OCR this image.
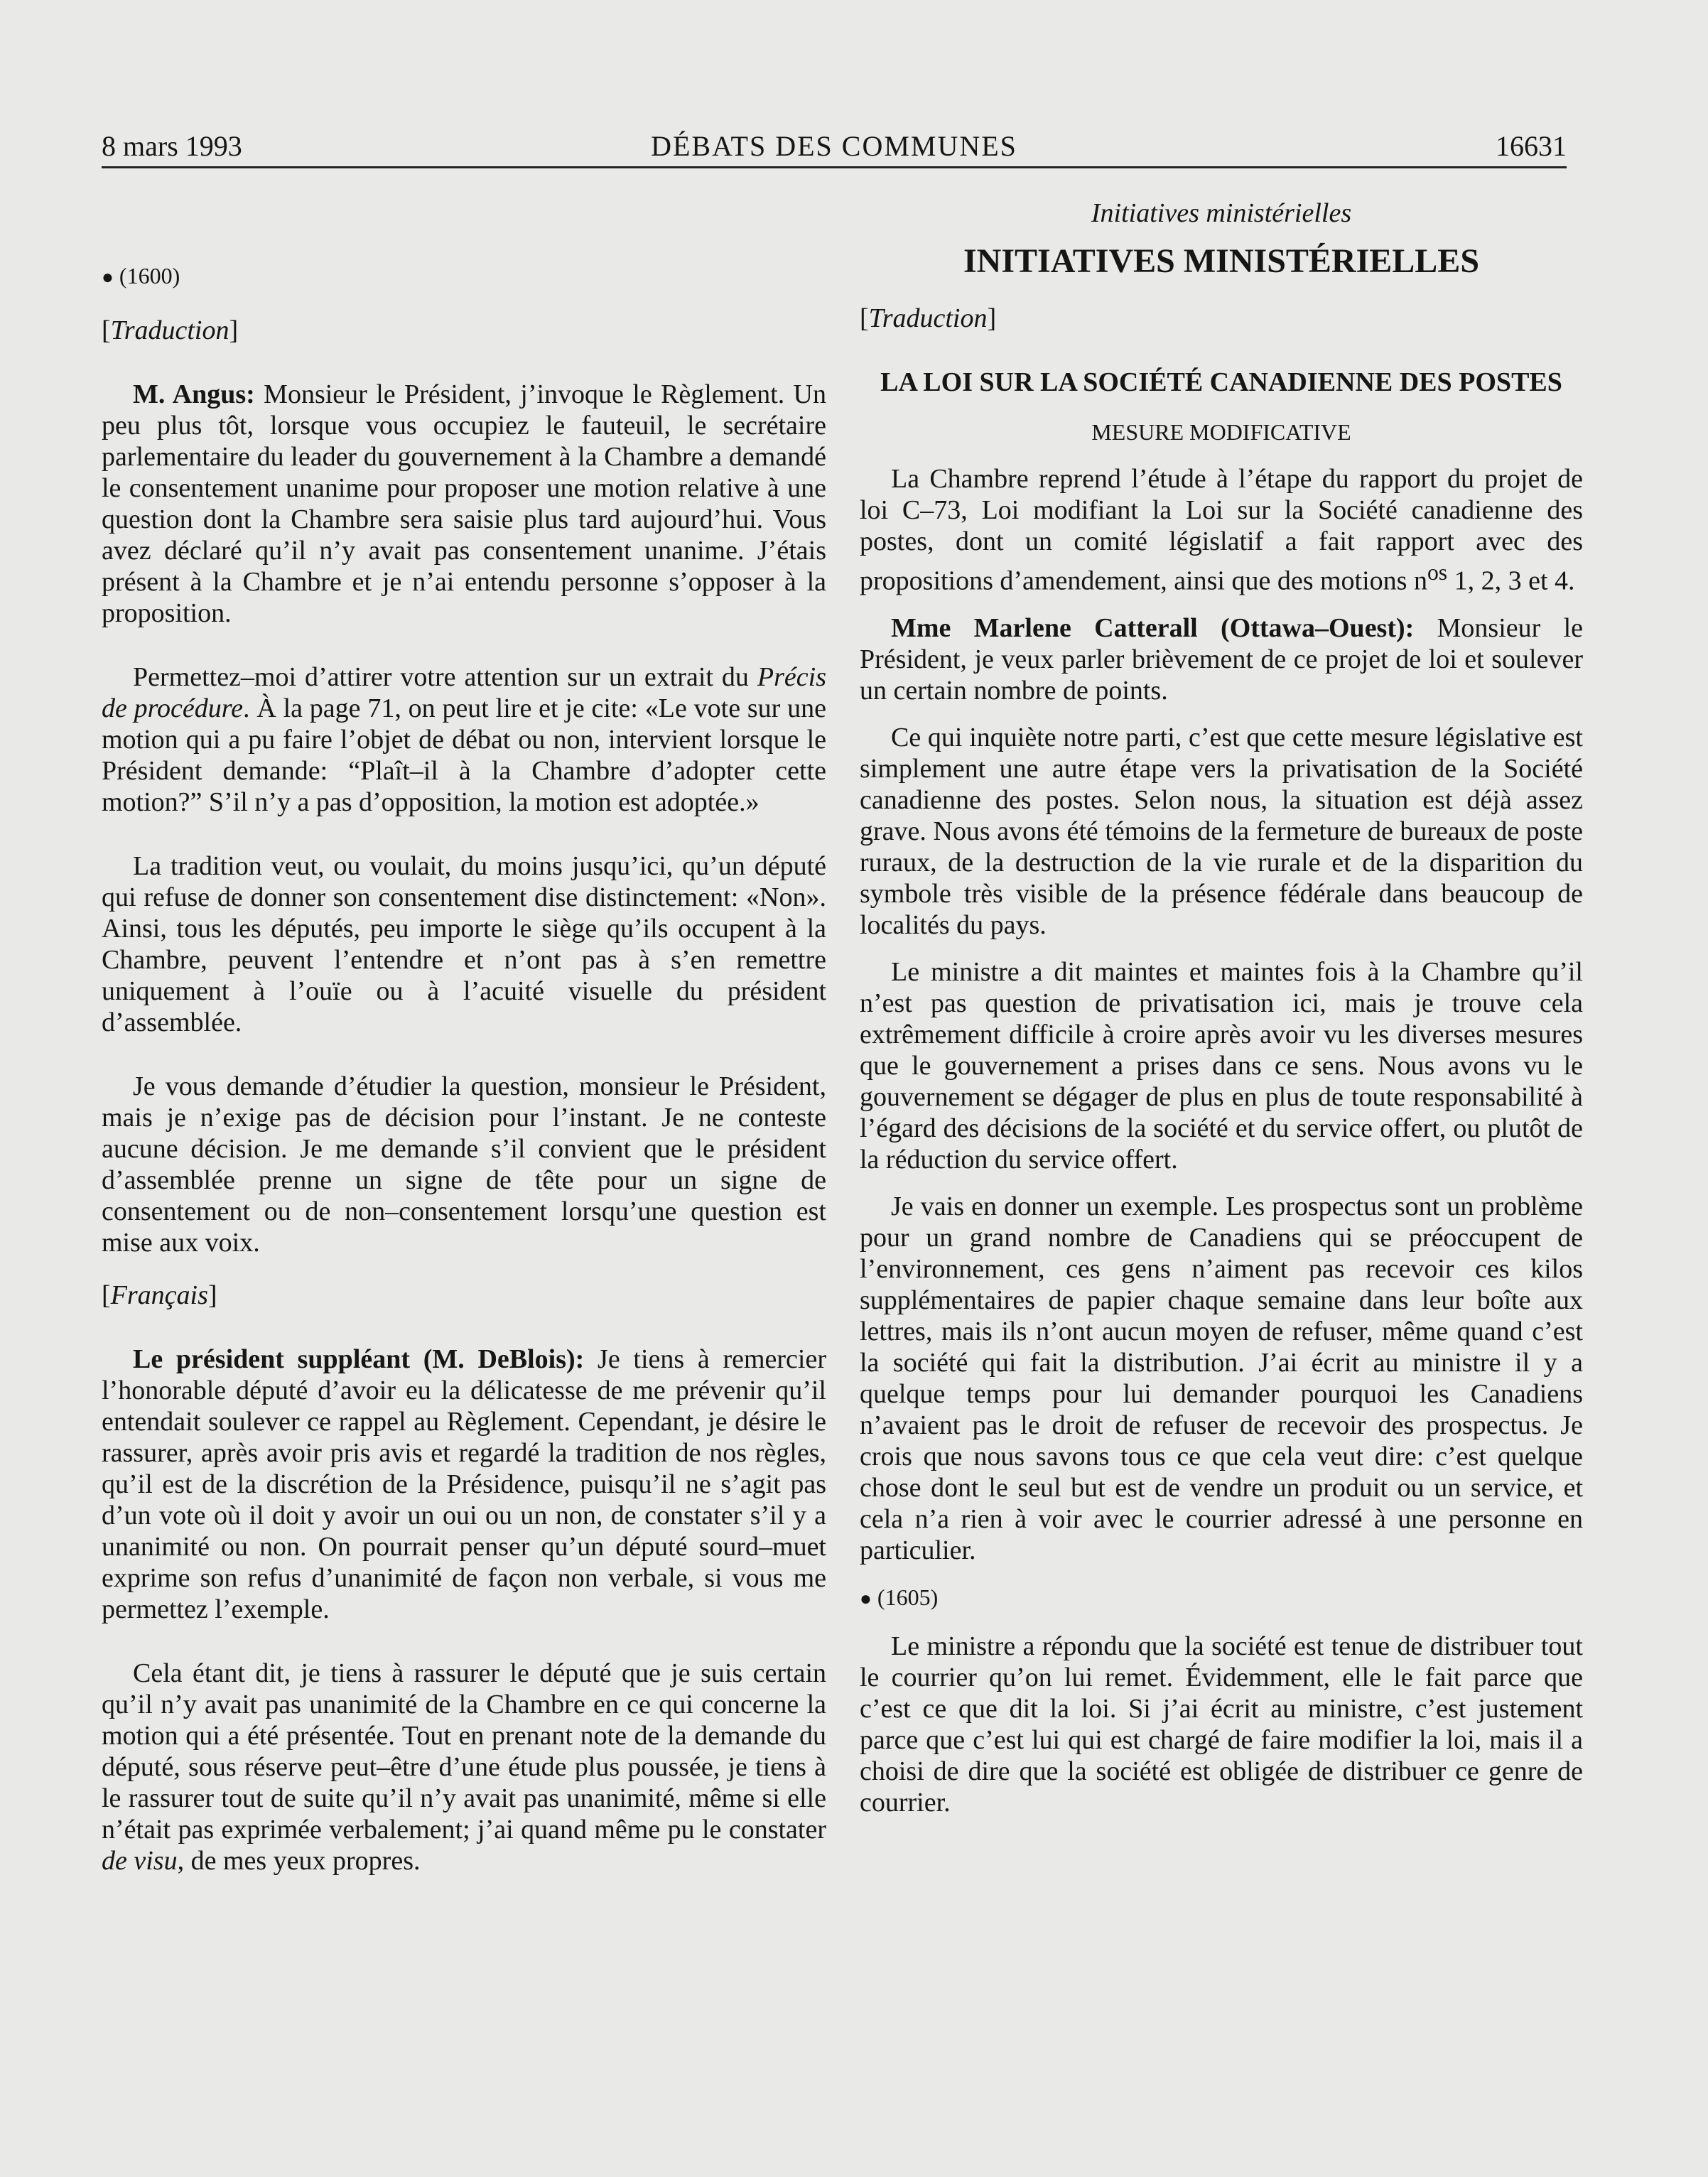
8 mars 1993	DÉBATS DES COMMUNES	16631
● (1600)
[Traduction]

M. Angus: Monsieur le Président, j’invoque le Règlement. Un peu plus tôt, lorsque vous occupiez le fauteuil, le secrétaire parlementaire du leader du gouvernement à la Chambre a demandé le consentement unanime pour proposer une motion relative à une question dont la Chambre sera saisie plus tard aujourd’hui. Vous avez déclaré qu’il n’y avait pas consentement unanime. J’étais présent à la Chambre et je n’ai entendu personne s’opposer à la proposition.

Permettez–moi d’attirer votre attention sur un extrait du Précis de procédure. À la page 71, on peut lire et je cite: «Le vote sur une motion qui a pu faire l’objet de débat ou non, intervient lorsque le Président demande: “Plaît–il à la Chambre d’adopter cette motion?” S’il n’y a pas d’opposition, la motion est adoptée.»

La tradition veut, ou voulait, du moins jusqu’ici, qu’un député qui refuse de donner son consentement dise distinctement: «Non». Ainsi, tous les députés, peu importe le siège qu’ils occupent à la Chambre, peuvent l’entendre et n’ont pas à s’en remettre uniquement à l’ouïe ou à l’acuité visuelle du président d’assemblée.

Je vous demande d’étudier la question, monsieur le Président, mais je n’exige pas de décision pour l’instant. Je ne conteste aucune décision. Je me demande s’il convient que le président d’assemblée prenne un signe de tête pour un signe de consentement ou de non–consentement lorsqu’une question est mise aux voix.

[Français]

Le président suppléant (M. DeBlois): Je tiens à remercier l’honorable député d’avoir eu la délicatesse de me prévenir qu’il entendait soulever ce rappel au Règlement. Cependant, je désire le rassurer, après avoir pris avis et regardé la tradition de nos règles, qu’il est de la discrétion de la Présidence, puisqu’il ne s’agit pas d’un vote où il doit y avoir un oui ou un non, de constater s’il y a unanimité ou non. On pourrait penser qu’un député sourd–muet exprime son refus d’unanimité de façon non verbale, si vous me permettez l’exemple.

Cela étant dit, je tiens à rassurer le député que je suis certain qu’il n’y avait pas unanimité de la Chambre en ce qui concerne la motion qui a été présentée. Tout en prenant note de la demande du député, sous réserve peut–être d’une étude plus poussée, je tiens à le rassurer tout de suite qu’il n’y avait pas unanimité, même si elle n’était pas exprimée verbalement; j’ai quand même pu le constater de visu, de mes yeux propres.

Initiatives ministérielles
INITIATIVES MINISTÉRIELLES
[Traduction]
LA LOI SUR LA SOCIÉTÉ CANADIENNE DES POSTES
MESURE MODIFICATIVE

La Chambre reprend l’étude à l’étape du rapport du projet de loi C–73, Loi modifiant la Loi sur la Société canadienne des postes, dont un comité législatif a fait rapport avec des propositions d’amendement, ainsi que des motions $n^{os}$ 1, 2, 3 et 4.

Mme Marlene Catterall (Ottawa–Ouest): Monsieur le Président, je veux parler brièvement de ce projet de loi et soulever un certain nombre de points.

Ce qui inquiète notre parti, c’est que cette mesure législative est simplement une autre étape vers la privatisation de la Société canadienne des postes. Selon nous, la situation est déjà assez grave. Nous avons été témoins de la fermeture de bureaux de poste ruraux, de la destruction de la vie rurale et de la disparition du symbole très visible de la présence fédérale dans beaucoup de localités du pays.

Le ministre a dit maintes et maintes fois à la Chambre qu’il n’est pas question de privatisation ici, mais je trouve cela extrêmement difficile à croire après avoir vu les diverses mesures que le gouvernement a prises dans ce sens. Nous avons vu le gouvernement se dégager de plus en plus de toute responsabilité à l’égard des décisions de la société et du service offert, ou plutôt de la réduction du service offert.

Je vais en donner un exemple. Les prospectus sont un problème pour un grand nombre de Canadiens qui se préoccupent de l’environnement, ces gens n’aiment pas recevoir ces kilos supplémentaires de papier chaque semaine dans leur boîte aux lettres, mais ils n’ont aucun moyen de refuser, même quand c’est la société qui fait la distribution. J’ai écrit au ministre il y a quelque temps pour lui demander pourquoi les Canadiens n’avaient pas le droit de refuser de recevoir des prospectus. Je crois que nous savons tous ce que cela veut dire: c’est quelque chose dont le seul but est de vendre un produit ou un service, et cela n’a rien à voir avec le courrier adressé à une personne en particulier.

● (1605)

Le ministre a répondu que la société est tenue de distribuer tout le courrier qu’on lui remet. Évidemment, elle le fait parce que c’est ce que dit la loi. Si j’ai écrit au ministre, c’est justement parce que c’est lui qui est chargé de faire modifier la loi, mais il a choisi de dire que la société est obligée de distribuer ce genre de courrier.
